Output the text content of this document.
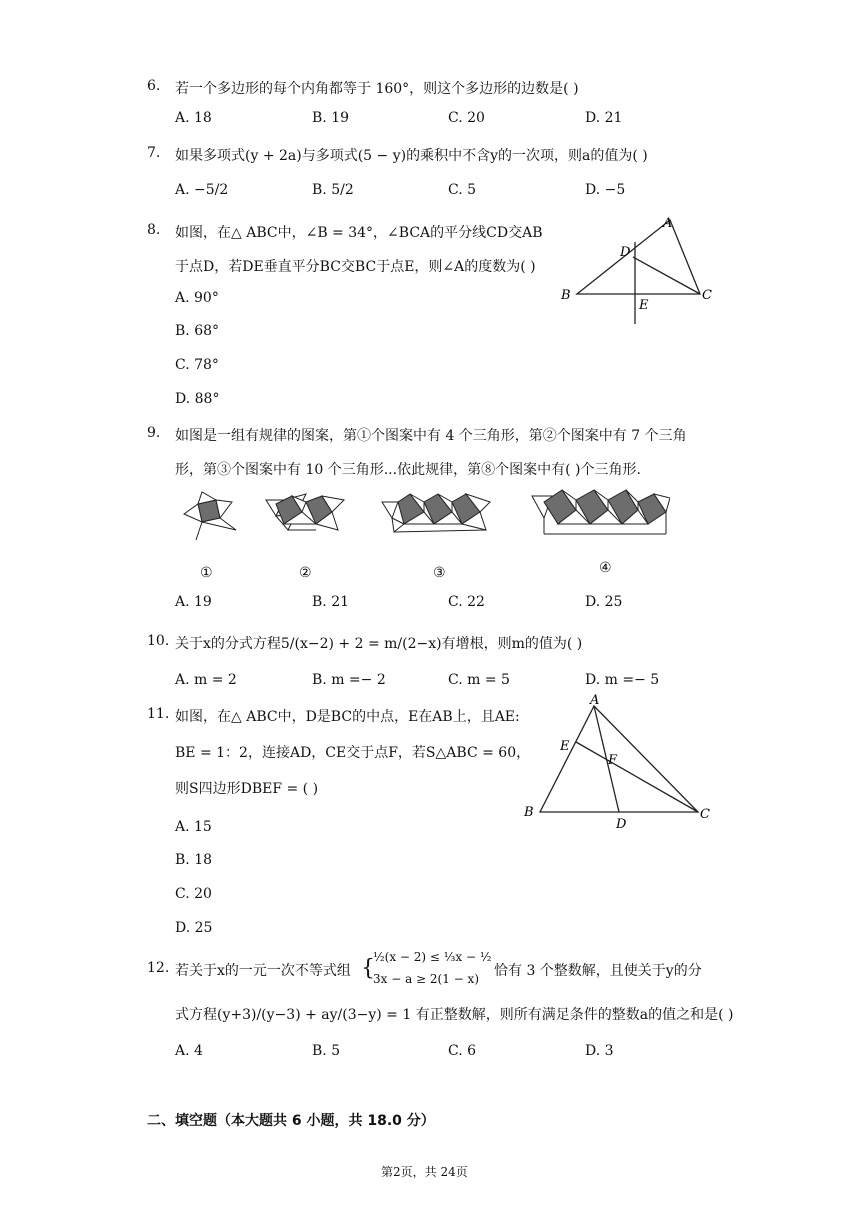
6. 若一个多边形的每个内角都等于 160°，则这个多边形的边数是( )
A. 18	B. 19	C. 20	D. 21
7. 如果多项式(y + 2a)与多项式(5 − y)的乘积中不含y的一次项，则a的值为( )
A. −5/2	B. 5/2	C. 5	D. −5
8. 如图，在△ ABC中，∠B = 34°，∠BCA的平分线CD交AB
于点D，若DE垂直平分BC交BC于点E，则∠A的度数为( )
A. 90°
B. 68°
C. 78°
D. 88°
A
D
B
E
C
9. 如图是一组有规律的图案，第①个图案中有 4 个三角形，第②个图案中有 7 个三角
形，第③个图案中有 10 个三角形...依此规律，第⑧个图案中有( )个三角形.
①	②	③	④
A. 19	B. 21	C. 22	D. 25
10. 关于x的分式方程5/(x−2) + 2 = m/(2−x)有增根，则m的值为( )
A. m = 2	B. m =− 2	C. m = 5	D. m =− 5
11. 如图，在△ ABC中，D是BC的中点，E在AB上，且AE:
BE = 1：2，连接AD，CE交于点F，若S△ABC = 60，
则S四边形DBEF = ( )
A. 15
B. 18
C. 20
D. 25
A
E
F
B
D
C
12. 若关于x的一元一次不等式组 {
½(x − 2) ≤ ⅓x − ½
3x − a ≥ 2(1 − x) 恰有 3 个整数解，且使关于y的分
式方程(y+3)/(y−3) + ay/(3−y) = 1 有正整数解，则所有满足条件的整数a的值之和是( )
A. 4	B. 5	C. 6	D. 3
二、填空题（本大题共 6 小题，共 18.0 分）
第2页，共 24页
